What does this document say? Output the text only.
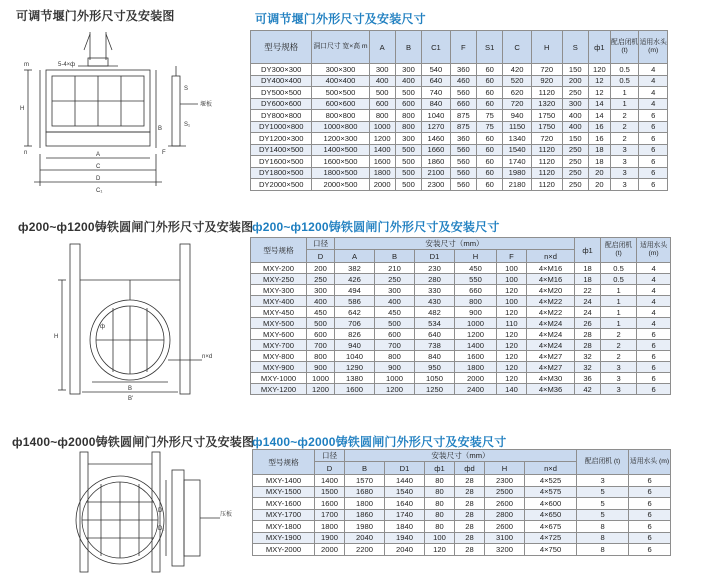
可调节堰门外形尺寸及安装图	可调节堰门外形尺寸及安装尺寸
H
A
C
D
C₁
B
S
S₁
F
m
n
5-4×ф
堰板
型号规格	洞口尺寸 宽×高 m	A	B	C1	F	S1	C	H	S	ф1	配启闭机 (t)	适用水头 (m)
DY300×300	300×300	300	300	540	360	60	420	720	150	120	0.5	4
DY400×400	400×400	400	400	640	460	60	520	920	200	12	0.5	4
DY500×500	500×500	500	500	740	560	60	620	1120	250	12	1	4
DY600×600	600×600	600	600	840	660	60	720	1320	300	14	1	4
DY800×800	800×800	800	800	1040	875	75	940	1750	400	14	2	6
DY1000×800	1000×800	1000	800	1270	875	75	1150	1750	400	16	2	6
DY1200×300	1200×300	1200	300	1460	360	60	1340	720	150	16	2	6
DY1400×500	1400×500	1400	500	1660	560	60	1540	1120	250	18	3	6
DY1600×500	1600×500	1600	500	1860	560	60	1740	1120	250	18	3	6
DY1800×500	1800×500	1800	500	2100	560	60	1980	1120	250	20	3	6
DY2000×500	2000×500	2000	500	2300	560	60	2180	1120	250	20	3	6
ф200~ф1200铸铁圆闸门外形尺寸及安装图
ф200~ф1200铸铁圆闸门外形尺寸及安装尺寸
H
ф
B
B'
n×d
型号规格	口径	安装尺寸（mm）						ф1	配启闭机 (t)	适用水头 (m)
	D	A	B	D1	H	F	n×d			
MXY-200	200	382	210	230	450	100	4×M16	18	0.5	4
MXY-250	250	426	250	280	550	100	4×M16	18	0.5	4
MXY-300	300	494	300	330	660	120	4×M20	22	1	4
MXY-400	400	586	400	430	800	100	4×M22	24	1	4
MXY-450	450	642	450	482	900	120	4×M22	24	1	4
MXY-500	500	706	500	534	1000	110	4×M24	26	1	4
MXY-600	600	826	600	640	1200	120	4×M24	28	2	6
MXY-700	700	940	700	738	1400	120	4×M24	28	2	6
MXY-800	800	1040	800	840	1600	120	4×M27	32	2	6
MXY-900	900	1290	900	950	1800	120	4×M27	32	3	6
MXY-1000	1000	1380	1000	1050	2000	120	4×M30	36	3	6
MXY-1200	1200	1600	1200	1250	2400	140	4×M36	42	3	6
ф1400~ф2000铸铁圆闸门外形尺寸及安装图
ф1400~ф2000铸铁圆闸门外形尺寸及安装尺寸
D
D₁
压板
型号规格	口径	安装尺寸（mm）						配启闭机 (t)	适用水头 (m)
	D	B	D1	ф1	фd	H	n×d		
MXY-1400	1400	1570	1440	80	28	2300	4×525	3	6
MXY-1500	1500	1680	1540	80	28	2500	4×575	5	6
MXY-1600	1600	1800	1640	80	28	2600	4×600	5	6
MXY-1700	1700	1860	1740	80	28	2800	4×650	5	6
MXY-1800	1800	1980	1840	80	28	2600	4×675	8	6
MXY-1900	1900	2040	1940	100	28	3100	4×725	8	6
MXY-2000	2000	2200	2040	120	28	3200	4×750	8	6
